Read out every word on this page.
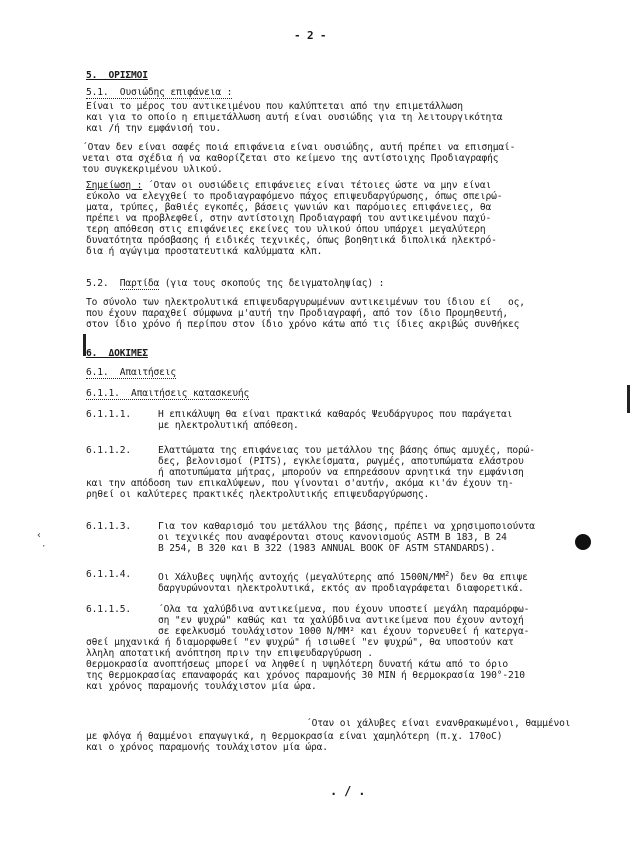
- 2 -
5.  ΟΡΙΣΜΟΙ
5.1.  Ουσιώδης επιφάνεια :
Είναι το μέρος του αντικειμένου που καλύπτεται από την επιμετάλλωση
και για το οποίο η επιμετάλλωση αυτή είναι ουσιώδης για τη λειτουργικότητα
και /ή την εμφάνισή του.
΄Οταν δεν είναι σαφές ποιά επιφάνεια είναι ουσιώδης, αυτή πρέπει να επισημαί-
νεται στα σχέδια ή να καθορίζεται στο κείμενο της αντίστοιχης Προδιαγραφής
του συγκεκριμένου υλικού.
Σημείωση : ΄Οταν οι ουσιώδεις επιφάνειες είναι τέτοιες ώστε να μην είναι
εύκολο να ελεγχθεί το προδιαγραφόμενο πάχος επιψευδαργύρωσης, όπως σπειρώ-
ματα, τρύπες, βαθιές εγκοπές, βάσεις γωνιών και παρόμοιες επιφάνειες, θα
πρέπει να προβλεφθεί, στην αντίστοιχη Προδιαγραφή του αντικειμένου παχύ-
τερη απόθεση στις επιφάνειες εκείνες του υλικού όπου υπάρχει μεγαλύτερη
δυνατότητα πρόσβασης ή ειδικές τεχνικές, όπως βοηθητικά διπολικά ηλεκτρό-
δια ή αγώγιμα προστατευτικά καλύμματα κλπ.
5.2. Παρτίδα (για τους σκοπούς της δειγματοληψίας) :
Το σύνολο των ηλεκτρολυτικά επιψευδαργυρωμένων αντικειμένων του ίδιου εί   ος,
που έχουν παραχθεί σύμφωνα μ'αυτή την Προδιαγραφή, από τον ίδιο Προμηθευτή,
στον ίδιο χρόνο ή περίπου στον ίδιο χρόνο κάτω από τις ίδιες ακριβώς συνθήκες
6.  ΔΟΚΙΜΕΣ
6.1.  Απαιτήσεις
6.1.1.  Απαιτήσεις κατασκευής
6.1.1.1.	Η επικάλυψη θα είναι πρακτικά καθαρός Ψευδάργυρος που παράγεται
με ηλεκτρολυτική απόθεση.
6.1.1.2.	Ελαττώματα της επιφάνειας του μετάλλου της βάσης όπως αμυχές, πορώ-
δες, βελονισμοί (PITS), εγκλείσματα, ρωγμές, αποτυπώματα ελάστρου
ή αποτυπώματα μήτρας, μπορούν να επηρεάσουν αρνητικά την εμφάνιση
και την απόδοση των επικαλύψεων, που γίνονται σ'αυτήν, ακόμα κι'άν έχουν τη-
ρηθεί οι καλύτερες πρακτικές ηλεκτρολυτικής επιψευδαργύρωσης.
‹
·
6.1.1.3.	Για τον καθαρισμό του μετάλλου της βάσης, πρέπει να χρησιμοποιούντα
οι τεχνικές που αναφέρονται στους κανονισμούς ASTM B 183, B 24
B 254, B 320 και B 322 (1983 ANNUAL BOOK OF ASTM STANDARDS).
6.1.1.4.	Οι Χάλυβες υψηλής αντοχής (μεγαλύτερης από $1500N/MM^2$) δεν θα επιψε
δαργυρώνονται ηλεκτρολυτικά, εκτός αν προδιαγράφεται διαφορετικά.
6.1.1.5.	΄Ολα τα χαλύβδινα αντικείμενα, που έχουν υποστεί μεγάλη παραμόρφω-
ση "εν ψυχρώ" καθώς και τα χαλύβδινα αντικείμενα που έχουν αντοχή
σε εφελκυσμό τουλάχιστον 1000 N/MM² και έχουν τορνευθεί ή κατεργα-
σθεί μηχανικά ή διαμορφωθεί "εν ψυχρώ" ή ισιωθεί "εν ψυχρώ", θα υποστούν κατ
λληλη αποτατική ανόπτηση πριν την επιψευδαργύρωση .
Θερμοκρασία ανοπτήσεως μπορεί να ληφθεί η υψηλότερη δυνατή κάτω από το όριο
της θερμοκρασίας επαναφοράς και χρόνος παραμονής 30 MIN ή θερμοκρασία 190°-210
και χρόνος παραμονής τουλάχιστον μία ώρα.
΄Οταν οι χάλυβες είναι ενανθρακωμένοι, θαμμένοι
με φλόγα ή θαμμένοι επαγωγικά, η θερμοκρασία είναι χαμηλότερη (π.χ. 170oC)
και ο χρόνος παραμονής τουλάχιστον μία ώρα.
. / .
